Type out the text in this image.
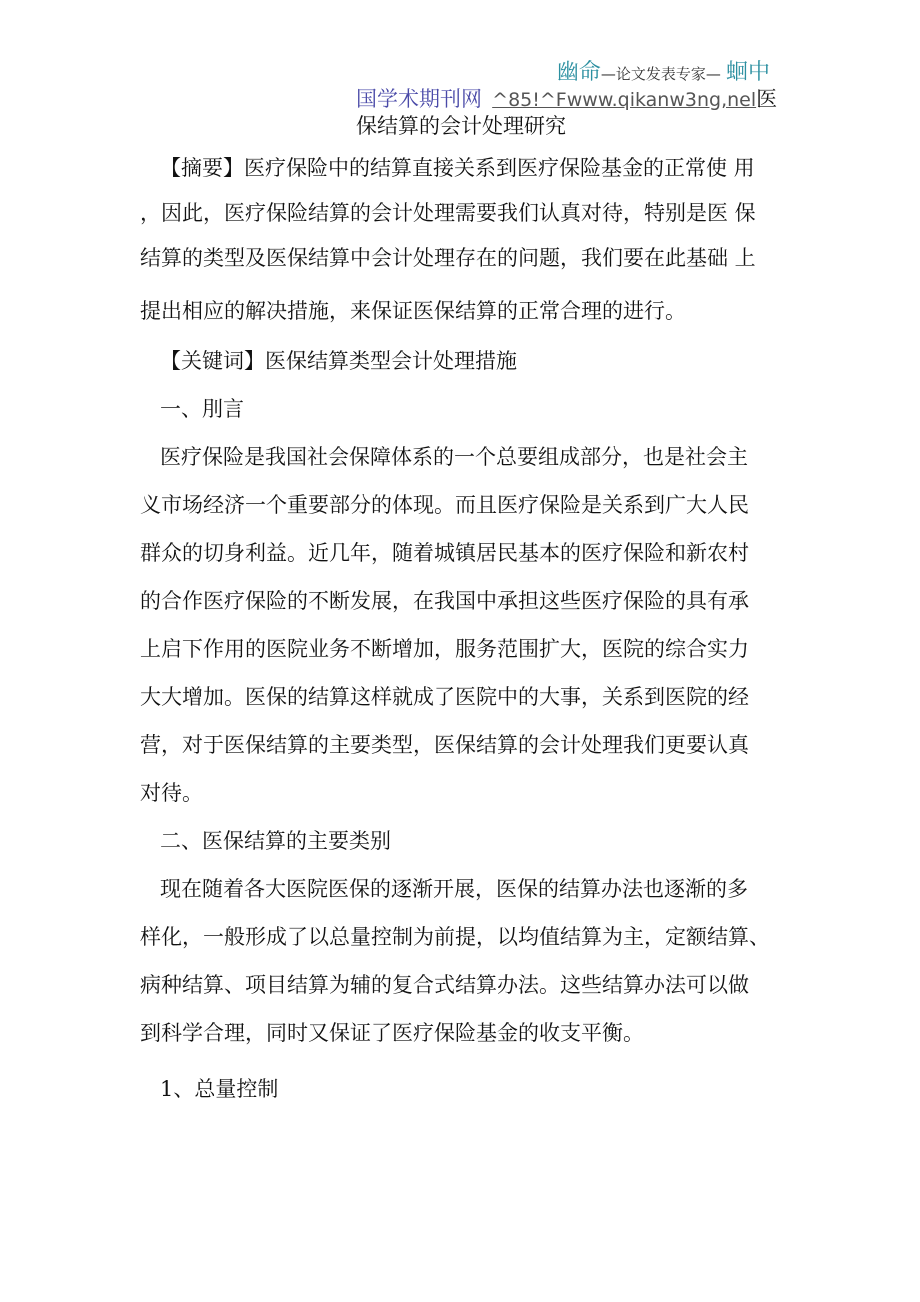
幽命—论文发表专家— 蛔中
国学术期刊网 ^85!^Fwww.qikanw3ng,nel医
保结算的会计处理研究
【摘要】医疗保险中的结算直接关系到医疗保险基金的正常使 用
，因此，医疗保险结算的会计处理需要我们认真对待，特别是医 保
结算的类型及医保结算中会计处理存在的问题，我们要在此基础 上
提出相应的解决措施，来保证医保结算的正常合理的进行。
【关键词】医保结算类型会计处理措施
一、刖言
医疗保险是我国社会保障体系的一个总要组成部分，也是社会主
义市场经济一个重要部分的体现。而且医疗保险是关系到广大人民
群众的切身利益。近几年，随着城镇居民基本的医疗保险和新农村
的合作医疗保险的不断发展，在我国中承担这些医疗保险的具有承
上启下作用的医院业务不断增加，服务范围扩大，医院的综合实力
大大增加。医保的结算这样就成了医院中的大事，关系到医院的经
营，对于医保结算的主要类型，医保结算的会计处理我们更要认真
对待。
二、医保结算的主要类别
现在随着各大医院医保的逐渐开展，医保的结算办法也逐渐的多
样化，一般形成了以总量控制为前提，以均值结算为主，定额结算、
病种结算、项目结算为辅的复合式结算办法。这些结算办法可以做
到科学合理，同时又保证了医疗保险基金的收支平衡。
1、总量控制
